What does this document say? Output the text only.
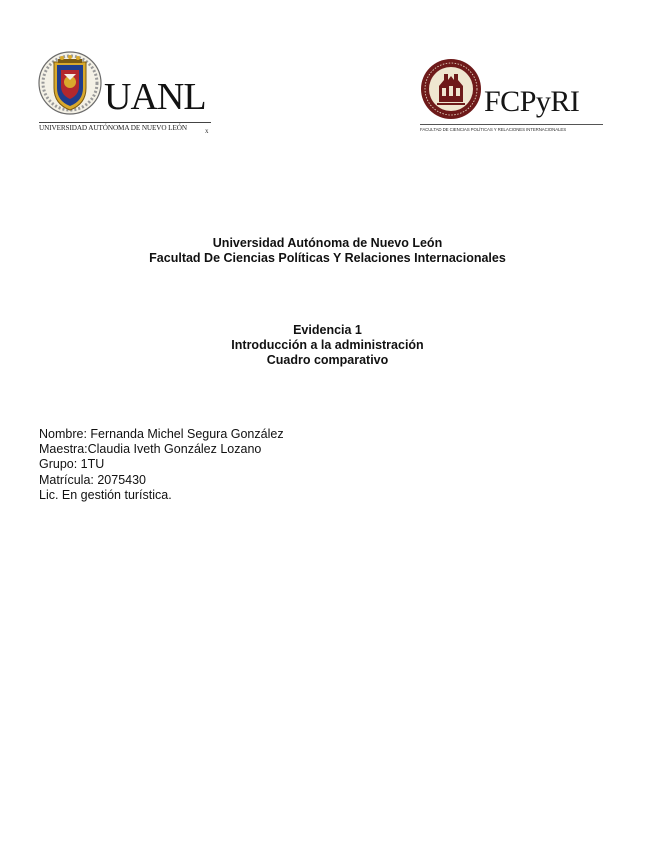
UANL
UNIVERSIDAD AUTÓNOMA DE NUEVO LEÓN	x
FCPyRI
FACULTAD DE CIENCIAS POLÍTICAS Y RELACIONES INTERNACIONALES
Universidad Autónoma de Nuevo León
Facultad De Ciencias Políticas Y Relaciones Internacionales
Evidencia 1
Introducción a la administración
Cuadro comparativo
Nombre: Fernanda Michel Segura González
Maestra:Claudia Iveth González Lozano
Grupo: 1TU
Matrícula: 2075430
Lic. En gestión turística.
